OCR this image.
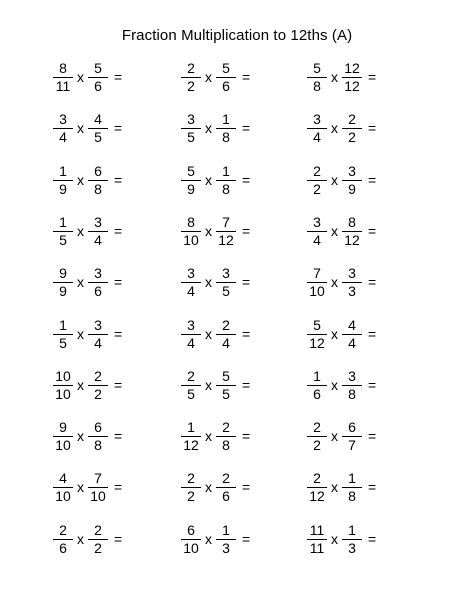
Fraction Multiplication to 12ths (A)
$\frac{8}{11}$ x $\frac{5}{6}$ =	$\frac{2}{2}$ x $\frac{5}{6}$ =	$\frac{5}{8}$ x $\frac{12}{12}$ =
$\frac{3}{4}$ x $\frac{4}{5}$ =	$\frac{3}{5}$ x $\frac{1}{8}$ =	$\frac{3}{4}$ x $\frac{2}{2}$ =
$\frac{1}{9}$ x $\frac{6}{8}$ =	$\frac{5}{9}$ x $\frac{1}{8}$ =	$\frac{2}{2}$ x $\frac{3}{9}$ =
$\frac{1}{5}$ x $\frac{3}{4}$ =	$\frac{8}{10}$ x $\frac{7}{12}$ =	$\frac{3}{4}$ x $\frac{8}{12}$ =
$\frac{9}{9}$ x $\frac{3}{6}$ =	$\frac{3}{4}$ x $\frac{3}{5}$ =	$\frac{7}{10}$ x $\frac{3}{3}$ =
$\frac{1}{5}$ x $\frac{3}{4}$ =	$\frac{3}{4}$ x $\frac{2}{4}$ =	$\frac{5}{12}$ x $\frac{4}{4}$ =
$\frac{10}{10}$ x $\frac{2}{2}$ =	$\frac{2}{5}$ x $\frac{5}{5}$ =	$\frac{1}{6}$ x $\frac{3}{8}$ =
$\frac{9}{10}$ x $\frac{6}{8}$ =	$\frac{1}{12}$ x $\frac{2}{8}$ =	$\frac{2}{2}$ x $\frac{6}{7}$ =
$\frac{4}{10}$ x $\frac{7}{10}$ =	$\frac{2}{2}$ x $\frac{2}{6}$ =	$\frac{2}{12}$ x $\frac{1}{8}$ =
$\frac{2}{6}$ x $\frac{2}{2}$ =	$\frac{6}{10}$ x $\frac{1}{3}$ =	$\frac{11}{11}$ x $\frac{1}{3}$ =
